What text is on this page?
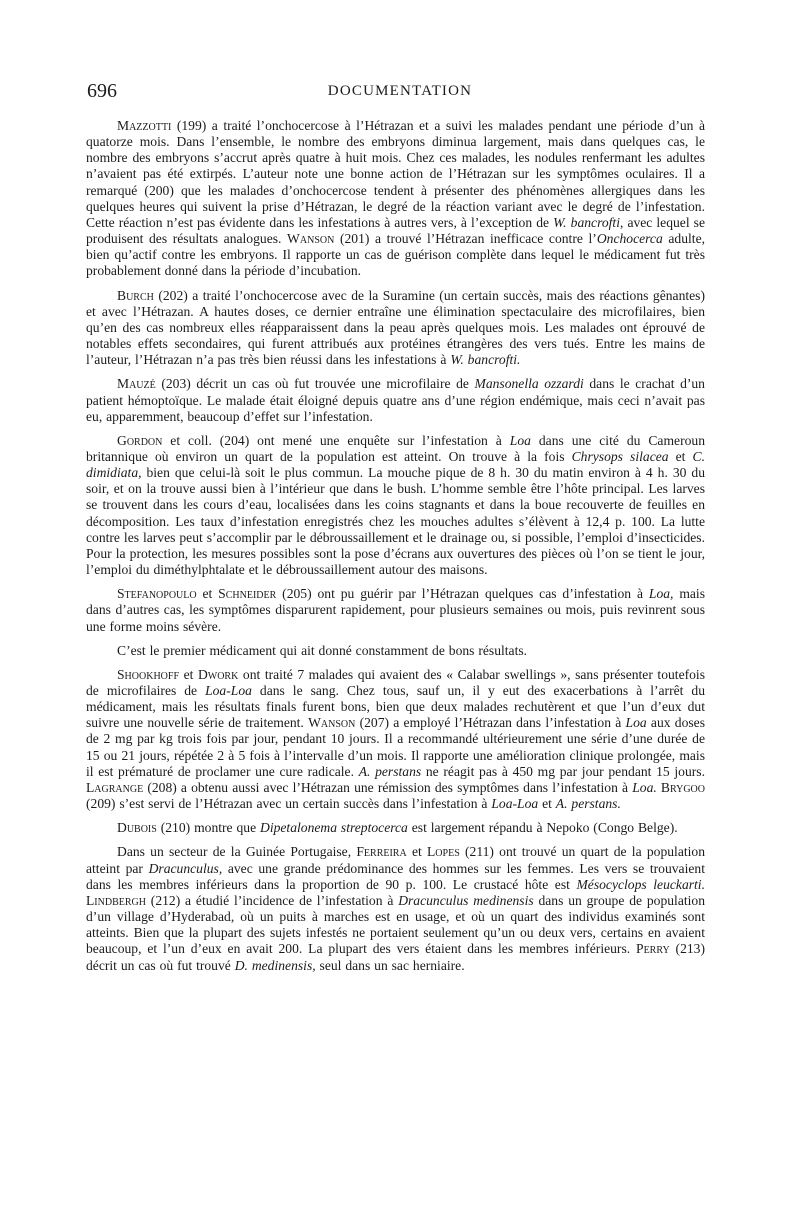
696	DOCUMENTATION

Mazzotti (199) a traité l’onchocercose à l’Hétrazan et a suivi les malades pendant une période d’un à quatorze mois. Dans l’ensemble, le nombre des embryons diminua largement, mais dans quelques cas, le nombre des embryons s’accrut après quatre à huit mois. Chez ces malades, les nodules renfermant les adultes n’avaient pas été extirpés. L’auteur note une bonne action de l’Hétrazan sur les symptômes oculaires. Il a remarqué (200) que les malades d’onchocercose tendent à présenter des phénomènes allergiques dans les quelques heures qui suivent la prise d’Hétrazan, le degré de la réaction variant avec le degré de l’infestation. Cette réaction n’est pas évidente dans les infestations à autres vers, à l’exception de W. bancrofti, avec lequel se produisent des résultats analogues. Wanson (201) a trouvé l’Hétrazan inefficace contre l’Onchocerca adulte, bien qu’actif contre les embryons. Il rapporte un cas de guérison complète dans lequel le médicament fut très probablement donné dans la période d’incubation.

Burch (202) a traité l’onchocercose avec de la Suramine (un certain succès, mais des réactions gênantes) et avec l’Hétrazan. A hautes doses, ce dernier entraîne une élimination spectaculaire des microfilaires, bien qu’en des cas nombreux elles réapparaissent dans la peau après quelques mois. Les malades ont éprouvé de notables effets secondaires, qui furent attribués aux protéines étrangères des vers tués. Entre les mains de l’auteur, l’Hétrazan n’a pas très bien réussi dans les infestations à W. bancrofti.

Mauzé (203) décrit un cas où fut trouvée une microfilaire de Mansonella ozzardi dans le crachat d’un patient hémoptoïque. Le malade était éloigné depuis quatre ans d’une région endémique, mais ceci n’avait pas eu, apparemment, beaucoup d’effet sur l’infestation.

Gordon et coll. (204) ont mené une enquête sur l’infestation à Loa dans une cité du Cameroun britannique où environ un quart de la population est atteint. On trouve à la fois Chrysops silacea et C. dimidiata, bien que celui-là soit le plus commun. La mouche pique de 8 h. 30 du matin environ à 4 h. 30 du soir, et on la trouve aussi bien à l’intérieur que dans le bush. L’homme semble être l’hôte principal. Les larves se trouvent dans les cours d’eau, localisées dans les coins stagnants et dans la boue recouverte de feuilles en décomposition. Les taux d’infestation enregistrés chez les mouches adultes s’élèvent à 12,4 p. 100. La lutte contre les larves peut s’accomplir par le débroussaillement et le drainage ou, si possible, l’emploi d’insecticides. Pour la protection, les mesures possibles sont la pose d’écrans aux ouvertures des pièces où l’on se tient le jour, l’emploi du diméthylphtalate et le débroussaillement autour des maisons.

Stefanopoulo et Schneider (205) ont pu guérir par l’Hétrazan quelques cas d’infestation à Loa, mais dans d’autres cas, les symptômes disparurent rapidement, pour plusieurs semaines ou mois, puis revinrent sous une forme moins sévère.

C’est le premier médicament qui ait donné constamment de bons résultats.

Shookhoff et Dwork ont traité 7 malades qui avaient des « Calabar swellings », sans présenter toutefois de microfilaires de Loa-Loa dans le sang. Chez tous, sauf un, il y eut des exacerbations à l’arrêt du médicament, mais les résultats finals furent bons, bien que deux malades rechutèrent et que l’un d’eux dut suivre une nouvelle série de traitement. Wanson (207) a employé l’Hétrazan dans l’infestation à Loa aux doses de 2 mg par kg trois fois par jour, pendant 10 jours. Il a recommandé ultérieurement une série d’une durée de 15 ou 21 jours, répétée 2 à 5 fois à l’intervalle d’un mois. Il rapporte une amélioration clinique prolongée, mais il est prématuré de proclamer une cure radicale. A. perstans ne réagit pas à 450 mg par jour pendant 15 jours. Lagrange (208) a obtenu aussi avec l’Hétrazan une rémission des symptômes dans l’infestation à Loa. Brygoo (209) s’est servi de l’Hétrazan avec un certain succès dans l’infestation à Loa-Loa et A. perstans.

Dubois (210) montre que Dipetalonema streptocerca est largement répandu à Nepoko (Congo Belge).

Dans un secteur de la Guinée Portugaise, Ferreira et Lopes (211) ont trouvé un quart de la population atteint par Dracunculus, avec une grande prédominance des hommes sur les femmes. Les vers se trouvaient dans les membres inférieurs dans la proportion de 90 p. 100. Le crustacé hôte est Mésocyclops leuckarti. Lindbergh (212) a étudié l’incidence de l’infestation à Dracunculus medinensis dans un groupe de population d’un village d’Hyderabad, où un puits à marches est en usage, et où un quart des individus examinés sont atteints. Bien que la plupart des sujets infestés ne portaient seulement qu’un ou deux vers, certains en avaient beaucoup, et l’un d’eux en avait 200. La plupart des vers étaient dans les membres inférieurs. Perry (213) décrit un cas où fut trouvé D. medinensis, seul dans un sac herniaire.
